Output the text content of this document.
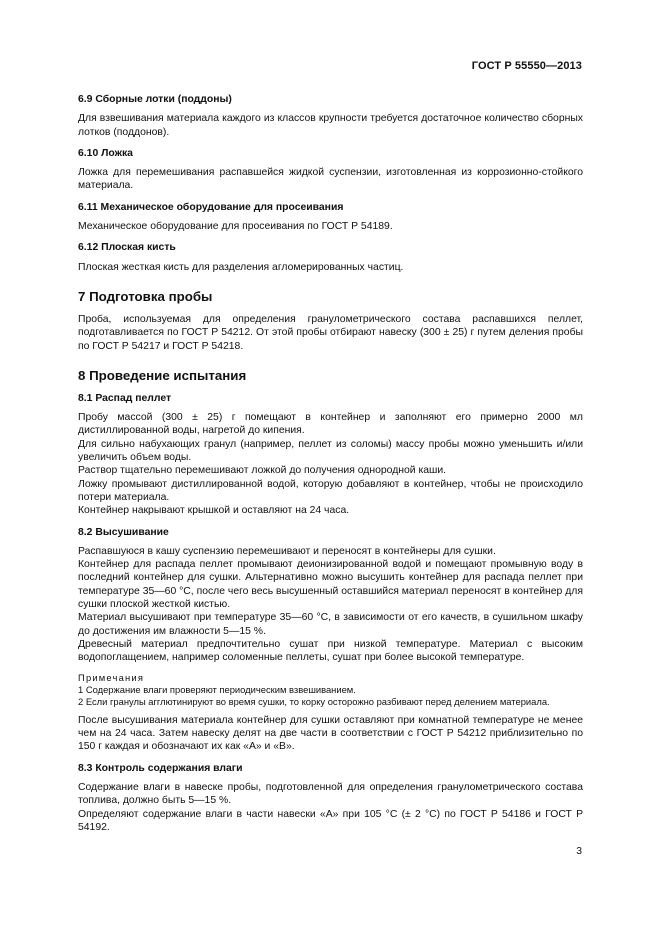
ГОСТ Р 55550—2013
6.9 Сборные лотки (поддоны)

Для взвешивания материала каждого из классов крупности требуется достаточное количество сборных лотков (поддонов).

6.10 Ложка

Ложка для перемешивания распавшейся жидкой суспензии, изготовленная из коррозионно-стойкого материала.

6.11 Механическое оборудование для просеивания

Механическое оборудование для просеивания по ГОСТ Р 54189.

6.12 Плоская кисть

Плоская жесткая кисть для разделения агломерированных частиц.

7 Подготовка пробы

Проба, используемая для определения гранулометрического состава распавшихся пеллет, подготавливается по ГОСТ Р 54212. От этой пробы отбирают навеску (300 ± 25) г путем деления пробы по ГОСТ Р 54217 и ГОСТ Р 54218.

8 Проведение испытания
8.1 Распад пеллет

Пробу массой (300 ± 25) г помещают в контейнер и заполняют его примерно 2000 мл дистиллированной воды, нагретой до кипения.

Для сильно набухающих гранул (например, пеллет из соломы) массу пробы можно уменьшить и/или увеличить объем воды.

Раствор тщательно перемешивают ложкой до получения однородной каши.

Ложку промывают дистиллированной водой, которую добавляют в контейнер, чтобы не происходило потери материала.

Контейнер накрывают крышкой и оставляют на 24 часа.

8.2 Высушивание

Распавшуюся в кашу суспензию перемешивают и переносят в контейнеры для сушки.

Контейнер для распада пеллет промывают деионизированной водой и помещают промывную воду в последний контейнер для сушки. Альтернативно можно высушить контейнер для распада пеллет при температуре 35—60 °С, после чего весь высушенный оставшийся материал переносят в контейнер для сушки плоской жесткой кистью.

Материал высушивают при температуре 35—60 °С, в зависимости от его качеств, в сушильном шкафу до достижения им влажности 5—15 %.

Древесный материал предпочтительно сушат при низкой температуре. Материал с высоким водопоглащением, например соломенные пеллеты, сушат при более высокой температуре.

Примечания

1 Содержание влаги проверяют периодическим взвешиванием.

2 Если гранулы агглютинируют во время сушки, то корку осторожно разбивают перед делением материала.

После высушивания материала контейнер для сушки оставляют при комнатной температуре не менее чем на 24 часа. Затем навеску делят на две части в соответствии с ГОСТ Р 54212 приблизительно по 150 г каждая и обозначают их как «А» и «В».

8.3 Контроль содержания влаги

Содержание влаги в навеске пробы, подготовленной для определения гранулометрического состава топлива, должно быть 5—15 %.

Определяют содержание влаги в части навески «А» при 105 °С (± 2 °С) по ГОСТ Р 54186 и ГОСТ Р 54192.

3
